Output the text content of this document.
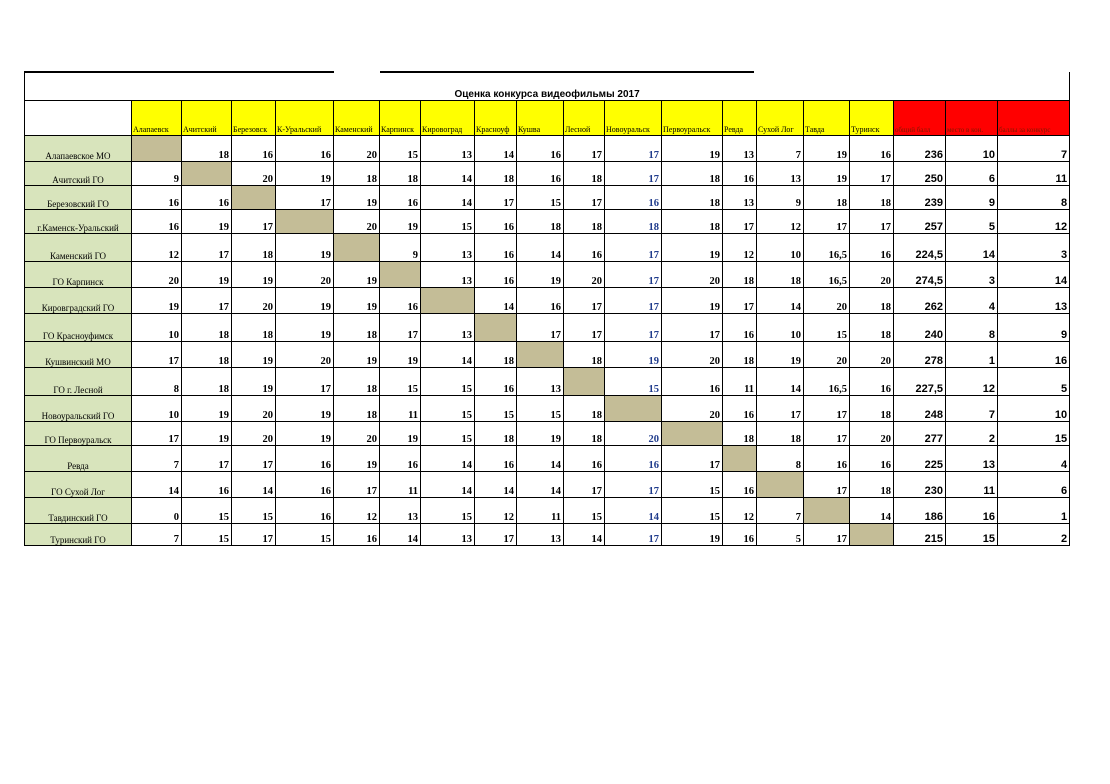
Оценка конкурса видеофильмы 2017																			
	Алапаевск	Ачитский	Березовск	К-Уральский	Каменский	Карпинск	Кировоград	Красноуф	Кушва	Лесной	Новоуральск	Первоуральск	Ревда	Сухой Лог	Тавда	Туринск	общий балл	место в кон.	баллы за конкурс
Алапаевское МО		18	16	16	20	15	13	14	16	17	17	19	13	7	19	16	236	10	7
Ачитский ГО	9		20	19	18	18	14	18	16	18	17	18	16	13	19	17	250	6	11
Березовский ГО	16	16		17	19	16	14	17	15	17	16	18	13	9	18	18	239	9	8
г.Каменск-Уральский	16	19	17		20	19	15	16	18	18	18	18	17	12	17	17	257	5	12
Каменский ГО	12	17	18	19		9	13	16	14	16	17	19	12	10	16,5	16	224,5	14	3
ГО Карпинск	20	19	19	20	19		13	16	19	20	17	20	18	18	16,5	20	274,5	3	14
Кировградский ГО	19	17	20	19	19	16		14	16	17	17	19	17	14	20	18	262	4	13
ГО Красноуфимск	10	18	18	19	18	17	13		17	17	17	17	16	10	15	18	240	8	9
Кушвинский МО	17	18	19	20	19	19	14	18		18	19	20	18	19	20	20	278	1	16
ГО г. Лесной	8	18	19	17	18	15	15	16	13		15	16	11	14	16,5	16	227,5	12	5
Новоуральский ГО	10	19	20	19	18	11	15	15	15	18		20	16	17	17	18	248	7	10
ГО Первоуральск	17	19	20	19	20	19	15	18	19	18	20		18	18	17	20	277	2	15
Ревда	7	17	17	16	19	16	14	16	14	16	16	17		8	16	16	225	13	4
ГО Сухой Лог	14	16	14	16	17	11	14	14	14	17	17	15	16		17	18	230	11	6
Тавдинский ГО	0	15	15	16	12	13	15	12	11	15	14	15	12	7		14	186	16	1
Туринский ГО	7	15	17	15	16	14	13	17	13	14	17	19	16	5	17		215	15	2
